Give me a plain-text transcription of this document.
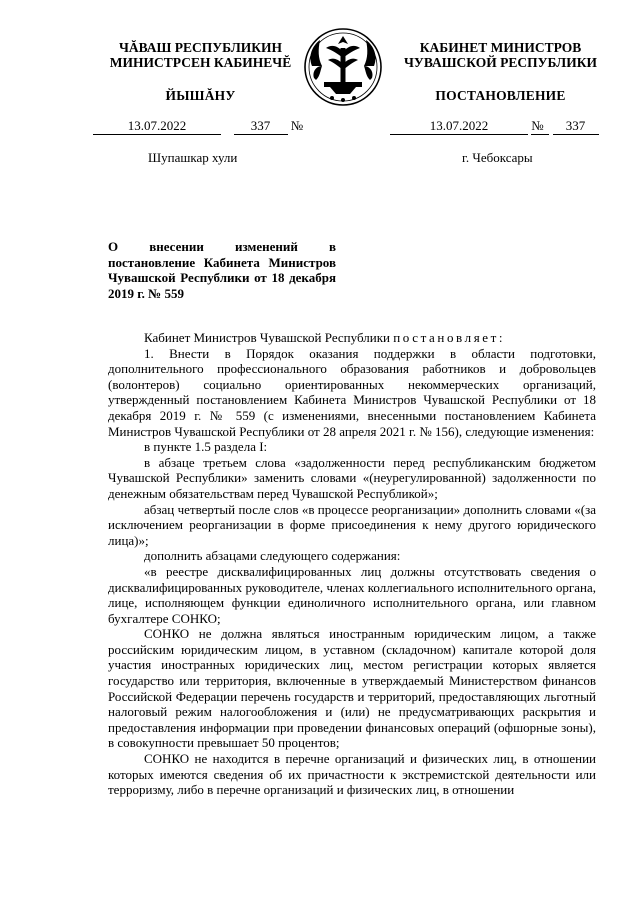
ЧĂВАШ РЕСПУБЛИКИН
МИНИСТРСЕН КАБИНЕЧĔ
ЙЫШĂНУ
КАБИНЕТ МИНИСТРОВ
ЧУВАШСКОЙ РЕСПУБЛИКИ
ПОСТАНОВЛЕНИЕ
13.07.2022	337 №	13.07.2022	№ 337
Шупашкар хули	г. Чебоксары
О внесении изменений в постановление Кабинета Министров Чувашской Республики от 18 декабря 2019 г. № 559

Кабинет Министров Чувашской Республики постановляет:

1. Внести в Порядок оказания поддержки в области подготовки, дополнительного профессионального образования работников и добровольцев (волонтеров) социально ориентированных некоммерческих организаций, утвержденный постановлением Кабинета Министров Чувашской Республики от 18 декабря 2019 г. № 559 (с изменениями, внесенными постановлением Кабинета Министров Чувашской Республики от 28 апреля 2021 г. № 156), следующие изменения:

в пункте 1.5 раздела I:

в абзаце третьем слова «задолженности перед республиканским бюджетом Чувашской Республики» заменить словами «(неурегулированной) задолженности по денежным обязательствам перед Чувашской Республикой»;

абзац четвертый после слов «в процессе реорганизации» дополнить словами «(за исключением реорганизации в форме присоединения к нему другого юридического лица)»;

дополнить абзацами следующего содержания:

«в реестре дисквалифицированных лиц должны отсутствовать сведения о дисквалифицированных руководителе, членах коллегиального исполнительного органа, лице, исполняющем функции единоличного исполнительного органа, или главном бухгалтере СОНКО;

СОНКО не должна являться иностранным юридическим лицом, а также российским юридическим лицом, в уставном (складочном) капитале которой доля участия иностранных юридических лиц, местом регистрации которых является государство или территория, включенные в утверждаемый Министерством финансов Российской Федерации перечень государств и территорий, предоставляющих льготный налоговый режим налогообложения и (или) не предусматривающих раскрытия и предоставления информации при проведении финансовых операций (офшорные зоны), в совокупности превышает 50 процентов;

СОНКО не находится в перечне организаций и физических лиц, в отношении которых имеются сведения об их причастности к экстремистской деятельности или терроризму, либо в перечне организаций и физических лиц, в отношении
